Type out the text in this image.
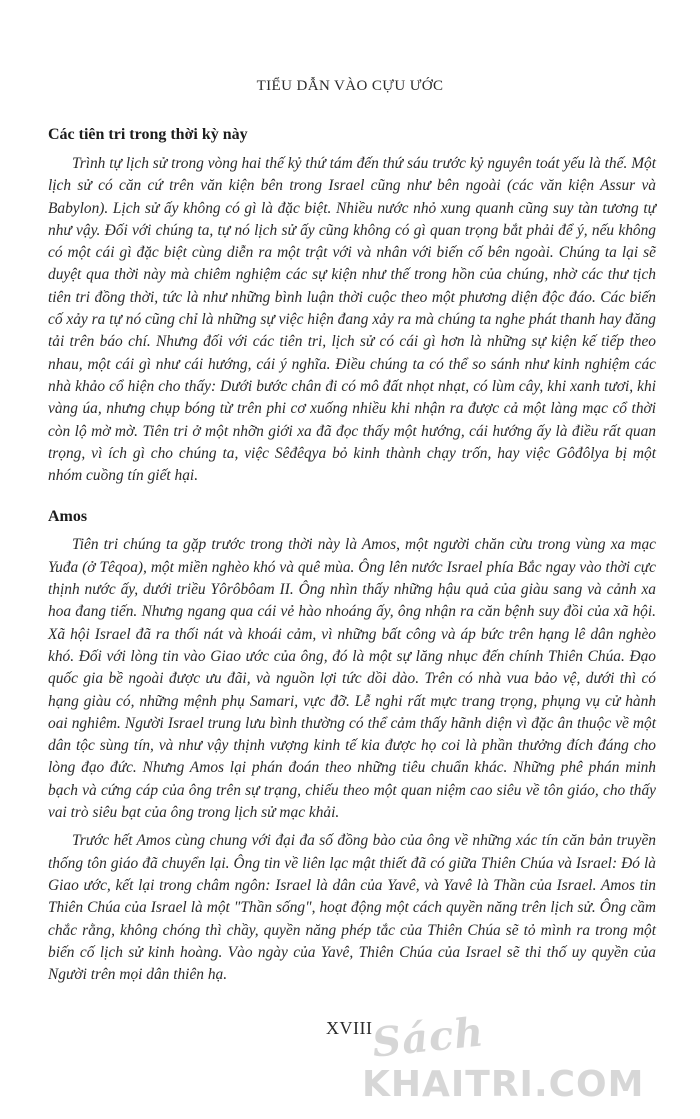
TIỂU DẪN VÀO CỰU ƯỚC
Các tiên tri trong thời kỳ này

Trình tự lịch sử trong vòng hai thế kỷ thứ tám đến thứ sáu trước kỷ nguyên toát yếu là thế. Một lịch sử có căn cứ trên văn kiện bên trong Israel cũng như bên ngoài (các văn kiện Assur và Babylon). Lịch sử ấy không có gì là đặc biệt. Nhiều nước nhỏ xung quanh cũng suy tàn tương tự như vậy. Đối với chúng ta, tự nó lịch sử ấy cũng không có gì quan trọng bắt phải để ý, nếu không có một cái gì đặc biệt cùng diễn ra một trật với và nhân với biến cố bên ngoài. Chúng ta lại sẽ duyệt qua thời này mà chiêm nghiệm các sự kiện như thế trong hồn của chúng, nhờ các thư tịch tiên tri đồng thời, tức là như những bình luận thời cuộc theo một phương diện độc đáo. Các biến cố xảy ra tự nó cũng chỉ là những sự việc hiện đang xảy ra mà chúng ta nghe phát thanh hay đăng tải trên báo chí. Nhưng đối với các tiên tri, lịch sử có cái gì hơn là những sự kiện kế tiếp theo nhau, một cái gì như cái hướng, cái ý nghĩa. Điều chúng ta có thể so sánh như kinh nghiệm các nhà khảo cổ hiện cho thấy: Dưới bước chân đi có mô đất nhọt nhạt, có lùm cây, khi xanh tươi, khi vàng úa, nhưng chụp bóng từ trên phi cơ xuống nhiều khi nhận ra được cả một làng mạc cổ thời còn lộ mờ mờ. Tiên tri ở một nhỡn giới xa đã đọc thấy một hướng, cái hướng ấy là điều rất quan trọng, vì ích gì cho chúng ta, việc Sêđêqya bỏ kinh thành chạy trốn, hay việc Gôđôlya bị một nhóm cuồng tín giết hại.

Amos

Tiên tri chúng ta gặp trước trong thời này là Amos, một người chăn cừu trong vùng xa mạc Yuđa (ở Têqoa), một miền nghèo khó và quê mùa. Ông lên nước Israel phía Bắc ngay vào thời cực thịnh nước ấy, dưới triều Yôrôbôam II. Ông nhìn thấy những hậu quả của giàu sang và cảnh xa hoa đang tiến. Nhưng ngang qua cái vẻ hào nhoáng ấy, ông nhận ra căn bệnh suy đồi của xã hội. Xã hội Israel đã ra thối nát và khoái cảm, vì những bất công và áp bức trên hạng lê dân nghèo khó. Đối với lòng tin vào Giao ước của ông, đó là một sự lăng nhục đến chính Thiên Chúa. Đạo quốc gia bề ngoài được ưu đãi, và nguồn lợi tức dồi dào. Trên có nhà vua bảo vệ, dưới thì có hạng giàu có, những mệnh phụ Samari, vực đỡ. Lễ nghi rất mực trang trọng, phụng vụ cử hành oai nghiêm. Người Israel trung lưu bình thường có thể cảm thấy hãnh diện vì đặc ân thuộc về một dân tộc sùng tín, và như vậy thịnh vượng kinh tế kia được họ coi là phần thưởng đích đáng cho lòng đạo đức. Nhưng Amos lại phán đoán theo những tiêu chuẩn khác. Những phê phán minh bạch và cứng cáp của ông trên sự trạng, chiếu theo một quan niệm cao siêu về tôn giáo, cho thấy vai trò siêu bạt của ông trong lịch sử mạc khải.

Trước hết Amos cùng chung với đại đa số đồng bào của ông về những xác tín căn bản truyền thống tôn giáo đã chuyển lại. Ông tin về liên lạc mật thiết đã có giữa Thiên Chúa và Israel: Đó là Giao ước, kết lại trong châm ngôn: Israel là dân của Yavê, và Yavê là Thần của Israel. Amos tin Thiên Chúa của Israel là một "Thần sống", hoạt động một cách quyền năng trên lịch sử. Ông cầm chắc rằng, không chóng thì chầy, quyền năng phép tắc của Thiên Chúa sẽ tỏ mình ra trong một biến cố lịch sử kinh hoàng. Vào ngày của Yavê, Thiên Chúa của Israel sẽ thi thố uy quyền của Người trên mọi dân thiên hạ.

XVIII
Sách
KHAITRI.COM
